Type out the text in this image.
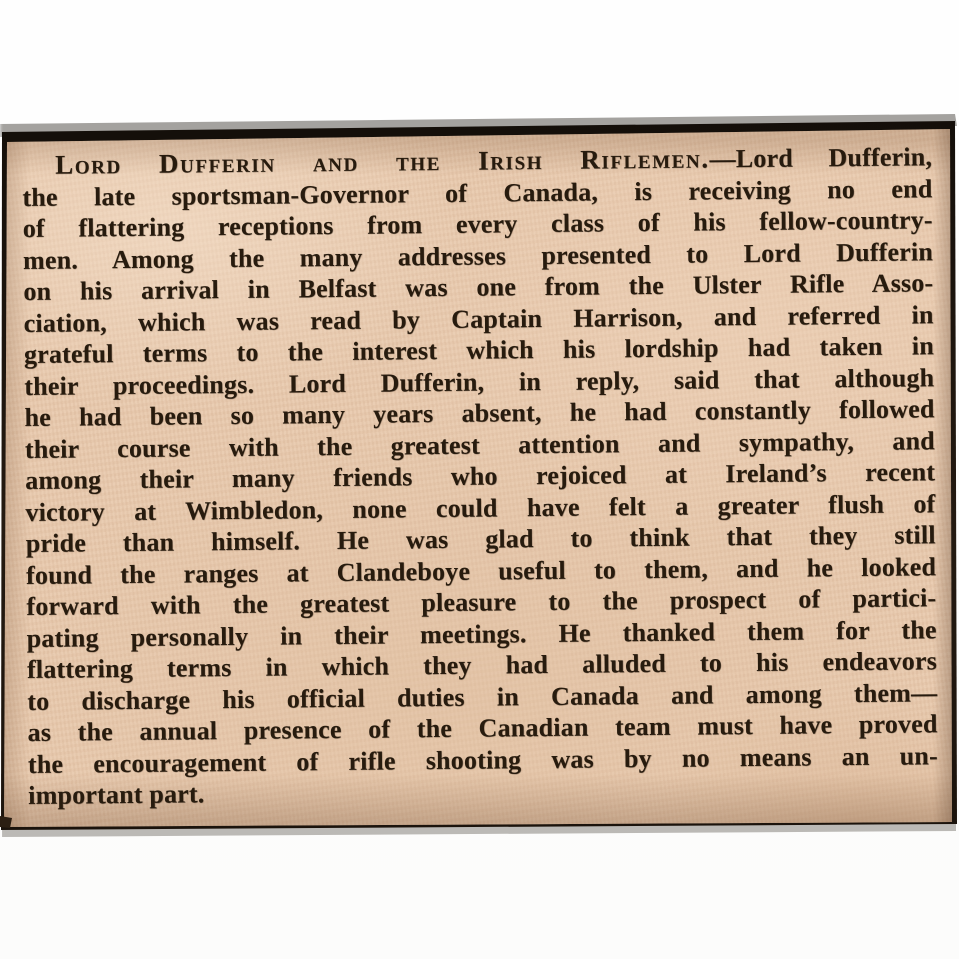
Lord Dufferin and the Irish Riflemen.—Lord Dufferin,
the late sportsman-Governor of Canada, is receiving no end
of flattering receptions from every class of his fellow-country-
men. Among the many addresses presented to Lord Dufferin
on his arrival in Belfast was one from the Ulster Rifle Asso-
ciation, which was read by Captain Harrison, and referred in
grateful terms to the interest which his lordship had taken in
their proceedings. Lord Dufferin, in reply, said that although
he had been so many years absent, he had constantly followed
their course with the greatest attention and sympathy, and
among their many friends who rejoiced at Ireland’s recent
victory at Wimbledon, none could have felt a greater flush of
pride than himself. He was glad to think that they still
found the ranges at Clandeboye useful to them, and he looked
forward with the greatest pleasure to the prospect of partici-
pating personally in their meetings. He thanked them for the
flattering terms in which they had alluded to his endeavors
to discharge his official duties in Canada and among them—
as the annual presence of the Canadian team must have proved
the encouragement of rifle shooting was by no means an un-
important part.
